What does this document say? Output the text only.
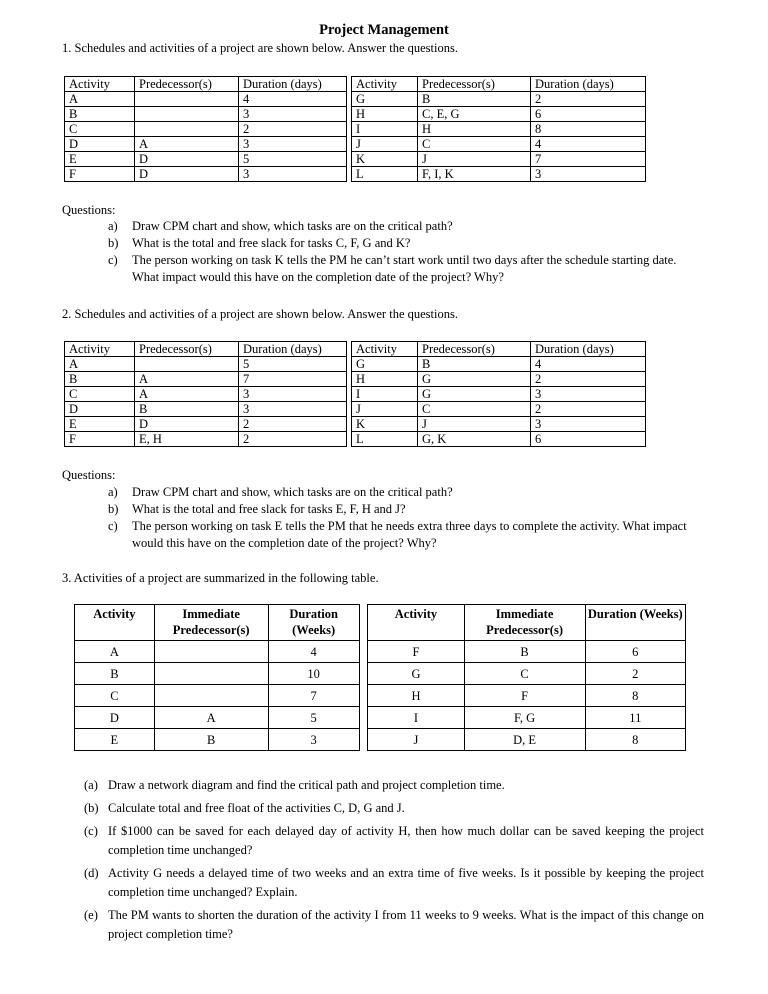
Project Management
1. Schedules and activities of a project are shown below. Answer the questions.
Activity	Predecessor(s)	Duration (days)		Activity	Predecessor(s)	Duration (days)
A		4		G	B	2
B		3		H	C, E, G	6
C		2		I	H	8
D	A	3		J	C	4
E	D	5		K	J	7
F	D	3		L	F, I, K	3
Questions:
a)	Draw CPM chart and show, which tasks are on the critical path?
b)	What is the total and free slack for tasks C, F, G and K?
c)	The person working on task K tells the PM he can’t start work until two days after the schedule starting date. What impact would this have on the completion date of the project? Why?
2. Schedules and activities of a project are shown below. Answer the questions.
Activity	Predecessor(s)	Duration (days)		Activity	Predecessor(s)	Duration (days)
A		5		G	B	4
B	A	7		H	G	2
C	A	3		I	G	3
D	B	3		J	C	2
E	D	2		K	J	3
F	E, H	2		L	G, K	6
Questions:
a)	Draw CPM chart and show, which tasks are on the critical path?
b)	What is the total and free slack for tasks E, F, H and J?
c)	The person working on task E tells the PM that he needs extra three days to complete the activity. What impact would this have on the completion date of the project? Why?
3. Activities of a project are summarized in the following table.
Activity	Immediate Predecessor(s)	Duration (Weeks)		Activity	Immediate Predecessor(s)	Duration (Weeks)
A		4		F	B	6
B		10		G	C	2
C		7		H	F	8
D	A	5		I	F, G	11
E	B	3		J	D, E	8
(a) Draw a network diagram and find the critical path and project completion time.
(b) Calculate total and free float of the activities C, D, G and J.
(c) If $1000 can be saved for each delayed day of activity H, then how much dollar can be saved keeping the project completion time unchanged?
(d) Activity G needs a delayed time of two weeks and an extra time of five weeks. Is it possible by keeping the project completion time unchanged? Explain.
(e) The PM wants to shorten the duration of the activity I from 11 weeks to 9 weeks. What is the impact of this change on project completion time?
